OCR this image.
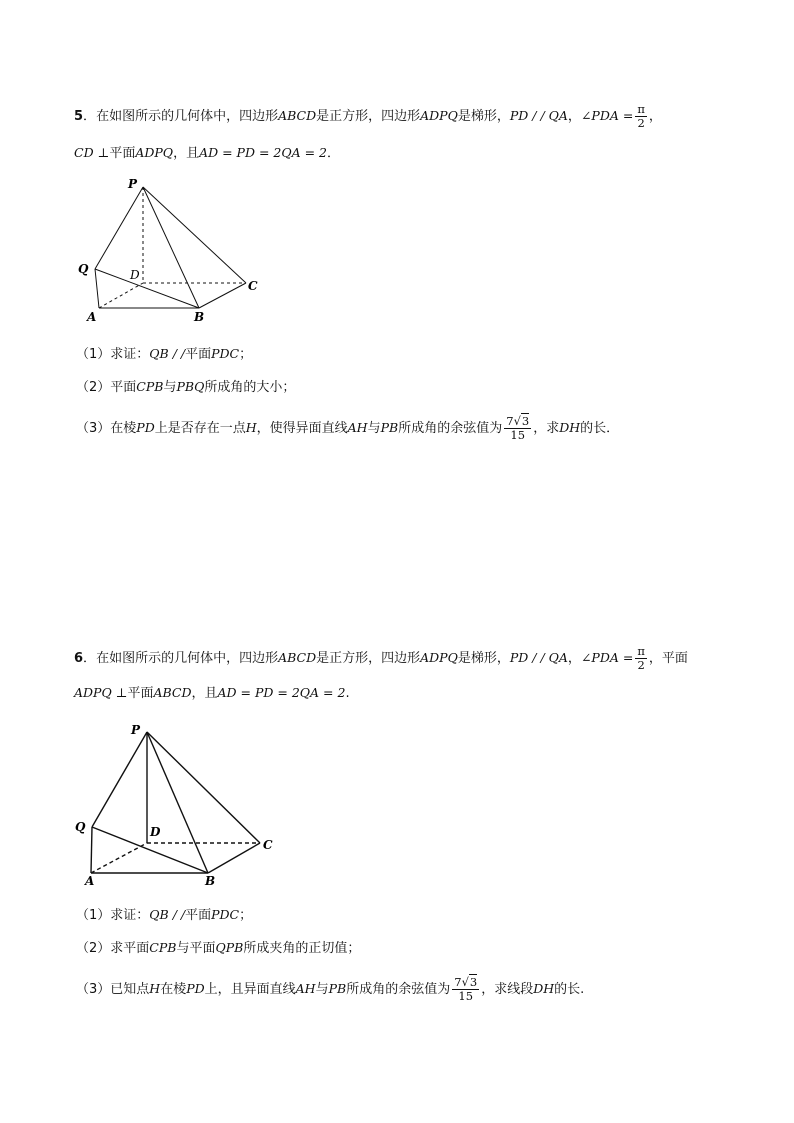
5．在如图所示的几何体中，四边形ABCD是正方形，四边形ADPQ是梯形，PD / / QA，∠PDA = $\frac{\pi}{2}$ ，
CD ⊥平面ADPQ，且AD = PD = 2QA = 2．
P
Q	D
C
A	B
（1）求证：QB / /平面PDC；
（2）平面CPB与PBQ所成角的大小；
（3）在棱PD上是否存在一点H，使得异面直线AH与PB所成角的余弦值为 $\frac{7√3}{15}$ ，求DH的长．
6．在如图所示的几何体中，四边形ABCD是正方形，四边形ADPQ是梯形，PD / / QA，∠PDA = $\frac{\pi}{2}$ ，平面
ADPQ ⊥平面ABCD，且AD = PD = 2QA = 2.
P
Q	D
C
A	B
（1）求证：QB / /平面PDC；
（2）求平面CPB与平面QPB所成夹角的正切值；
（3）已知点H在棱PD上，且异面直线AH与PB所成角的余弦值为 $\frac{7√3}{15}$ ，求线段DH的长.
